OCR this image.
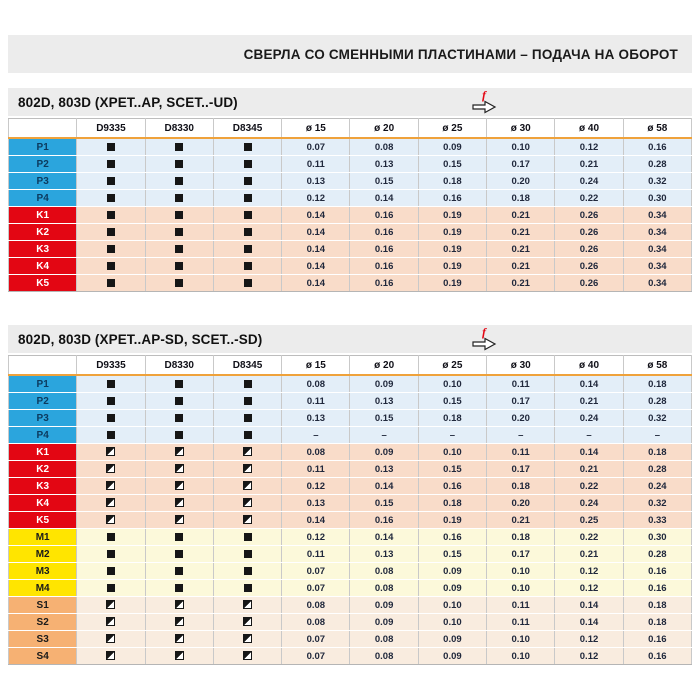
СВЕРЛА СО СМЕННЫМИ ПЛАСТИНАМИ – ПОДАЧА НА ОБОРОТ
802D, 803D (XPET..AP, SCET..-UD)	f
	D9335	D8330	D8345	ø 15	ø 20	ø 25	ø 30	ø 40	ø 58
P1				0.07	0.08	0.09	0.10	0.12	0.16
P2				0.11	0.13	0.15	0.17	0.21	0.28
P3				0.13	0.15	0.18	0.20	0.24	0.32
P4				0.12	0.14	0.16	0.18	0.22	0.30
K1				0.14	0.16	0.19	0.21	0.26	0.34
K2				0.14	0.16	0.19	0.21	0.26	0.34
K3				0.14	0.16	0.19	0.21	0.26	0.34
K4				0.14	0.16	0.19	0.21	0.26	0.34
K5				0.14	0.16	0.19	0.21	0.26	0.34
802D, 803D (XPET..AP-SD, SCET..-SD)	f
	D9335	D8330	D8345	ø 15	ø 20	ø 25	ø 30	ø 40	ø 58
P1				0.08	0.09	0.10	0.11	0.14	0.18
P2				0.11	0.13	0.15	0.17	0.21	0.28
P3				0.13	0.15	0.18	0.20	0.24	0.32
P4				–	–	–	–	–	–
K1				0.08	0.09	0.10	0.11	0.14	0.18
K2				0.11	0.13	0.15	0.17	0.21	0.28
K3				0.12	0.14	0.16	0.18	0.22	0.24
K4				0.13	0.15	0.18	0.20	0.24	0.32
K5				0.14	0.16	0.19	0.21	0.25	0.33
M1				0.12	0.14	0.16	0.18	0.22	0.30
M2				0.11	0.13	0.15	0.17	0.21	0.28
M3				0.07	0.08	0.09	0.10	0.12	0.16
M4				0.07	0.08	0.09	0.10	0.12	0.16
S1				0.08	0.09	0.10	0.11	0.14	0.18
S2				0.08	0.09	0.10	0.11	0.14	0.18
S3				0.07	0.08	0.09	0.10	0.12	0.16
S4				0.07	0.08	0.09	0.10	0.12	0.16
